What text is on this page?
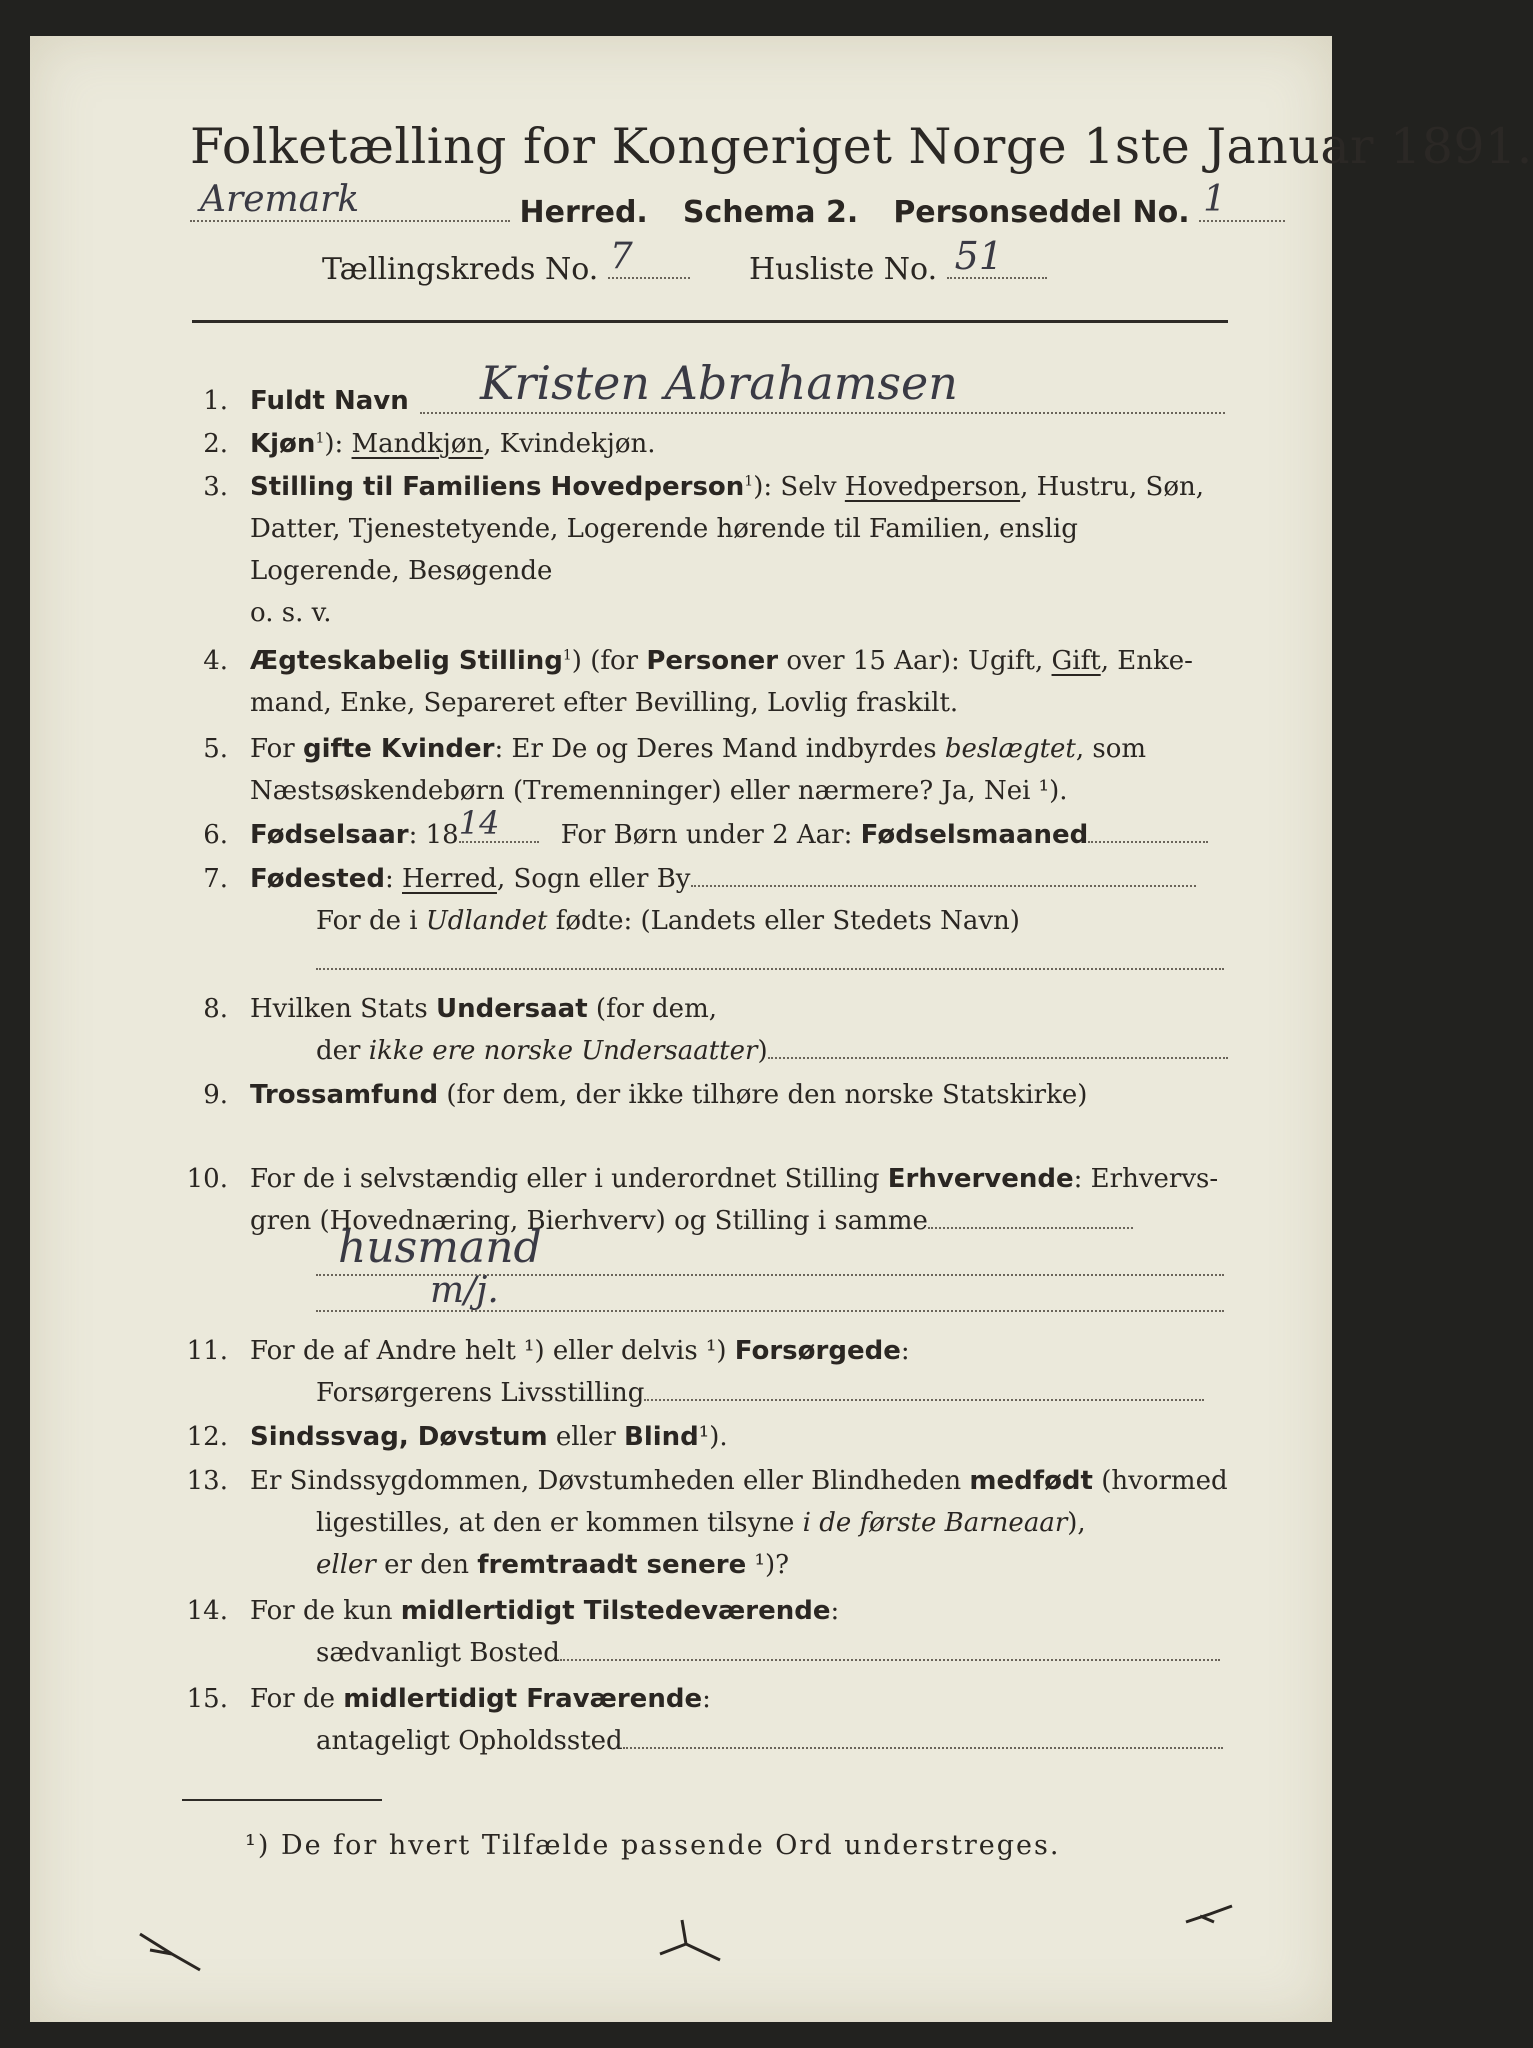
Folketælling for Kongeriget Norge 1ste Januar 1891.
Aremark	Herred. Schema 2. Personseddel No. 1
Tællingskreds No. 7	Husliste No. 51
1. Fuldt Navn Kristen Abrahamsen
2. Kjøn$^1$): Mandkjøn, Kvindekjøn.
3. Stilling til Familiens Hovedperson$^1$): Selv Hovedperson, Hustru, Søn,
Datter, Tjenestetyende, Logerende hørende til Familien, enslig
Logerende, Besøgende
o. s. v.
4. Ægteskabelig Stilling$^1$) (for Personer over 15 Aar): Ugift, Gift, Enke-
mand, Enke, Separeret efter Bevilling, Lovlig fraskilt.
5. For gifte Kvinder: Er De og Deres Mand indbyrdes beslægtet, som
Næstsøskendebørn (Tremenninger) eller nærmere? Ja, Nei ¹).
6. Fødselsaar: 18 14 For Børn under 2 Aar: Fødselsmaaned
7. Fødested: Herred, Sogn eller By
For de i Udlandet fødte: (Landets eller Stedets Navn)
8. Hvilken Stats Undersaat (for dem,
der ikke ere norske Undersaatter)
9. Trossamfund (for dem, der ikke tilhøre den norske Statskirke)
10. For de i selvstændig eller i underordnet Stilling Erhvervende: Erhvervs-
gren (Hovednæring, Bierhverv) og Stilling i samme
husmand
m/j.
11. For de af Andre helt ¹) eller delvis ¹) Forsørgede:
Forsørgerens Livsstilling
12. Sindssvag, Døvstum eller Blind¹).
13. Er Sindssygdommen, Døvstumheden eller Blindheden medfødt (hvormed
ligestilles, at den er kommen tilsyne i de første Barneaar),
eller er den fremtraadt senere ¹)?
14. For de kun midlertidigt Tilstedeværende:
sædvanligt Bosted
15. For de midlertidigt Fraværende:
antageligt Opholdssted
¹) De for hvert Tilfælde passende Ord understreges.
